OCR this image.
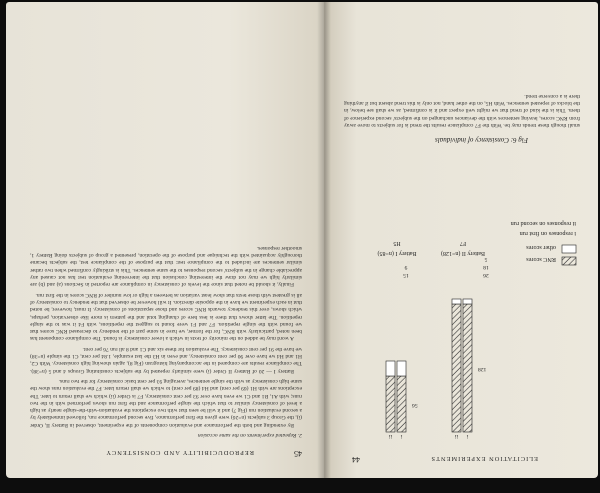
REPRODUCIBILITY AND CONSISTENCY	45

2. Repeated experiments on the same occasion

By extending and both the performance and evaluation components of the experiment, observed in Battery II, Order (i), the Group 3 subjects (n=26) were given the first performance, five second performance run, followed immediately by a second evaluation run (Fig 7) and it will be seen that with two exceptions the evaluation-with-the-single nearly as high a level of consistency similar to that which the single performance and the first run shows performed with in the two runs; with A1, B1 and C1 we even have over 93 per cent consistency, F7 is Order (ii) which we shall return to later. The exceptions are with H1 (69 per cent) and H4 (89 per cent) to which we shall return later. F7 the evaluation runs show the same high consistency as with the single sentences, averaging 93 per cent basic consistency for the two runs.

Battery I — 20 of Battery II Order (i) were similarly repeated by the subjects constituting Groups 4 and 5 (n=38). The compliance results are compared in the accompanying histogram (Fig 8), again showing high consistency. With C2, H1 and H4 we have over 90 per cent consistency, and even in H3 the last example, 1.84 per cent, C1 the simple (n=38) we have the 91 per cent consistency. The evaluation for these six and C1 and 8 all run 76 per cent.

A word may be added on the minority of texts in which a lower consistency is found. The compliance component has been noted, particularly with RNC, for the former, we have in some part of the tendency to decreased RNC scores that we found with the single repetition. F7 and F1 were found to suggest the repetitions, with F4 it was to the single repetition. The latter shows that there is less here of changing total and the pattern is more like observation, perhaps, which shows, over this tendency towards RNC scores and those separations of consistency. It must, however, be noted that in each experiment we have in the opposite direction. It will however be observed that the tendency to consistency of all is greatest with those texts that show least variation as between a high or low number of RNC scores in the first run.

Finally, it should be noted that since the levels of consistency in compliance are reported in Sections (a) and (b) are similarly high we may not draw the interesting conclusion that the intervening evaluation test has not caused any appreciable change in the subjects' second responses to the same sentences. This is strikingly confirmed when two rather similar sentences are included to the compliance test: that the purpose of the compliance test, the subjects became thoroughly acquainted with the technique and purpose of the operation, presented a group of subjects doing Battery 1, smoother responses.

44	ELICITATION EXPERIMENTS
i
ii
Battery II (n=128)
F7
128
i
ii
Battery I (n=85)
H5
56
26
15
18
9
5	RNC scores
other scores
i responses on first run
ii responses on second run
Fig 6: Consistency of individuals

small though these trends may be. With the F7 compliance results the trend is for subjects to move away from RNC scores, leaving sentences with the deviances unchanged on the subjects' second experience of them. This is the kind of trend that we might well expect and it is confirmed, as we shall see below, in the blocks of repeated sentences. With H5, on the other hand, not only is this trend absent but if anything there is a converse trend.
